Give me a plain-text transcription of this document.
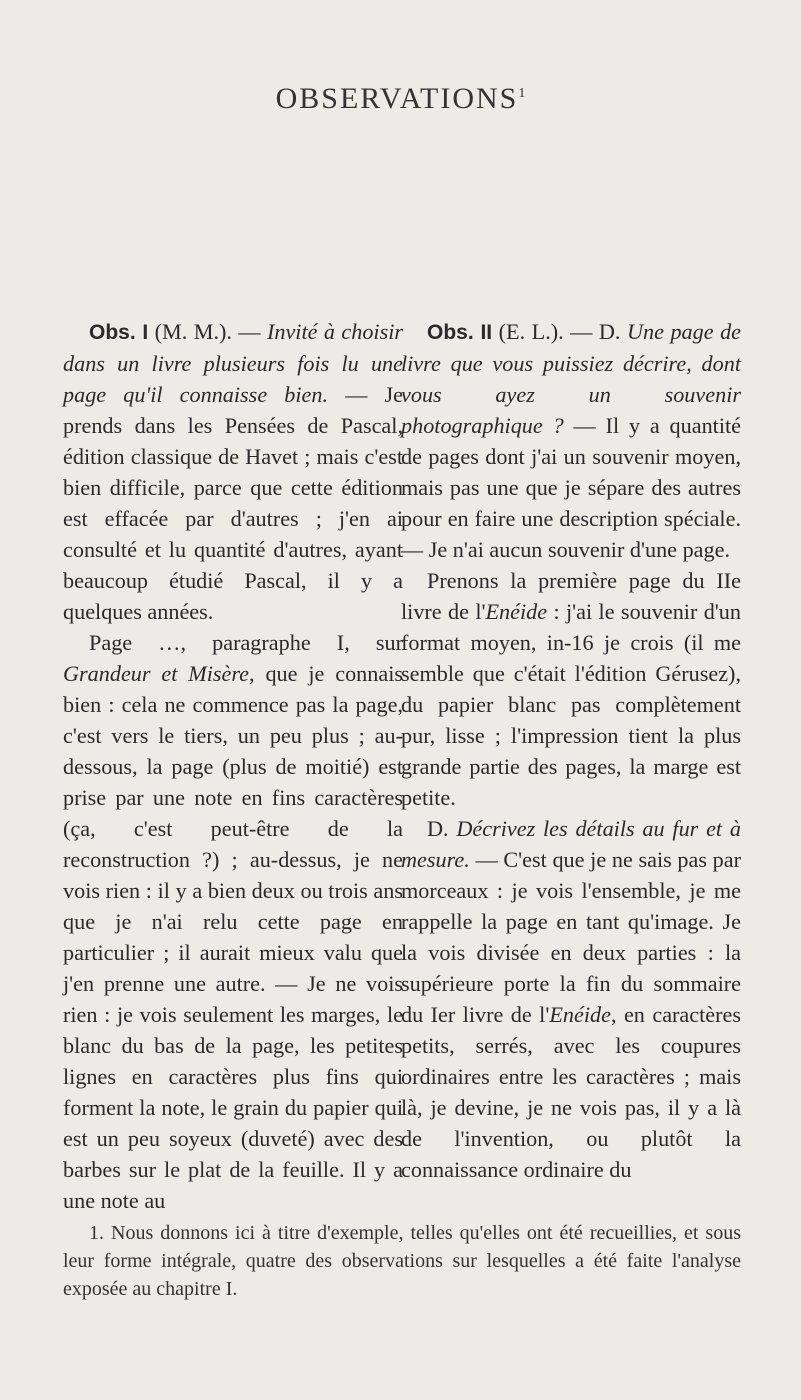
OBSERVATIONS$^1$

Obs. I (M. M.). — Invité à choisir dans un livre plusieurs fois lu une page qu'il connaisse bien. — Je prends dans les Pensées de Pascal, édition classique de Havet ; mais c'est bien difficile, parce que cette édition est effacée par d'autres ; j'en ai consulté et lu quantité d'autres, ayant beaucoup étudié Pascal, il y a quelques années.

Page …, paragraphe I, sur Grandeur et Misère, que je connais bien : cela ne commence pas la page, c'est vers le tiers, un peu plus ; au-dessous, la page (plus de moitié) est prise par une note en fins caractères (ça, c'est peut-être de la reconstruction ?) ; au-dessus, je ne vois rien : il y a bien deux ou trois ans que je n'ai relu cette page en particulier ; il aurait mieux valu que j'en prenne une autre. — Je ne vois rien : je vois seulement les marges, le blanc du bas de la page, les petites lignes en caractères plus fins qui forment la note, le grain du papier qui est un peu soyeux (duveté) avec des barbes sur le plat de la feuille. Il y a une note au

Obs. II (E. L.). — D. Une page de livre que vous puissiez décrire, dont vous ayez un souvenir photographique ? — Il y a quantité de pages dont j'ai un souvenir moyen, mais pas une que je sépare des autres pour en faire une description spéciale. — Je n'ai aucun souvenir d'une page.

Prenons la première page du IIe livre de l'Enéide : j'ai le souvenir d'un format moyen, in-16 je crois (il me semble que c'était l'édition Gérusez), du papier blanc pas complètement pur, lisse ; l'impression tient la plus grande partie des pages, la marge est petite.

D. Décrivez les détails au fur et à mesure. — C'est que je ne sais pas par morceaux : je vois l'ensemble, je me rappelle la page en tant qu'image. Je la vois divisée en deux parties : la supérieure porte la fin du sommaire du Ier livre de l'Enéide, en caractères petits, serrés, avec les coupures ordinaires entre les caractères ; mais là, je devine, je ne vois pas, il y a là de l'invention, ou plutôt la connaissance ordinaire du

1. Nous donnons ici à titre d'exemple, telles qu'elles ont été recueillies, et sous leur forme intégrale, quatre des observations sur lesquelles a été faite l'analyse exposée au chapitre I.
